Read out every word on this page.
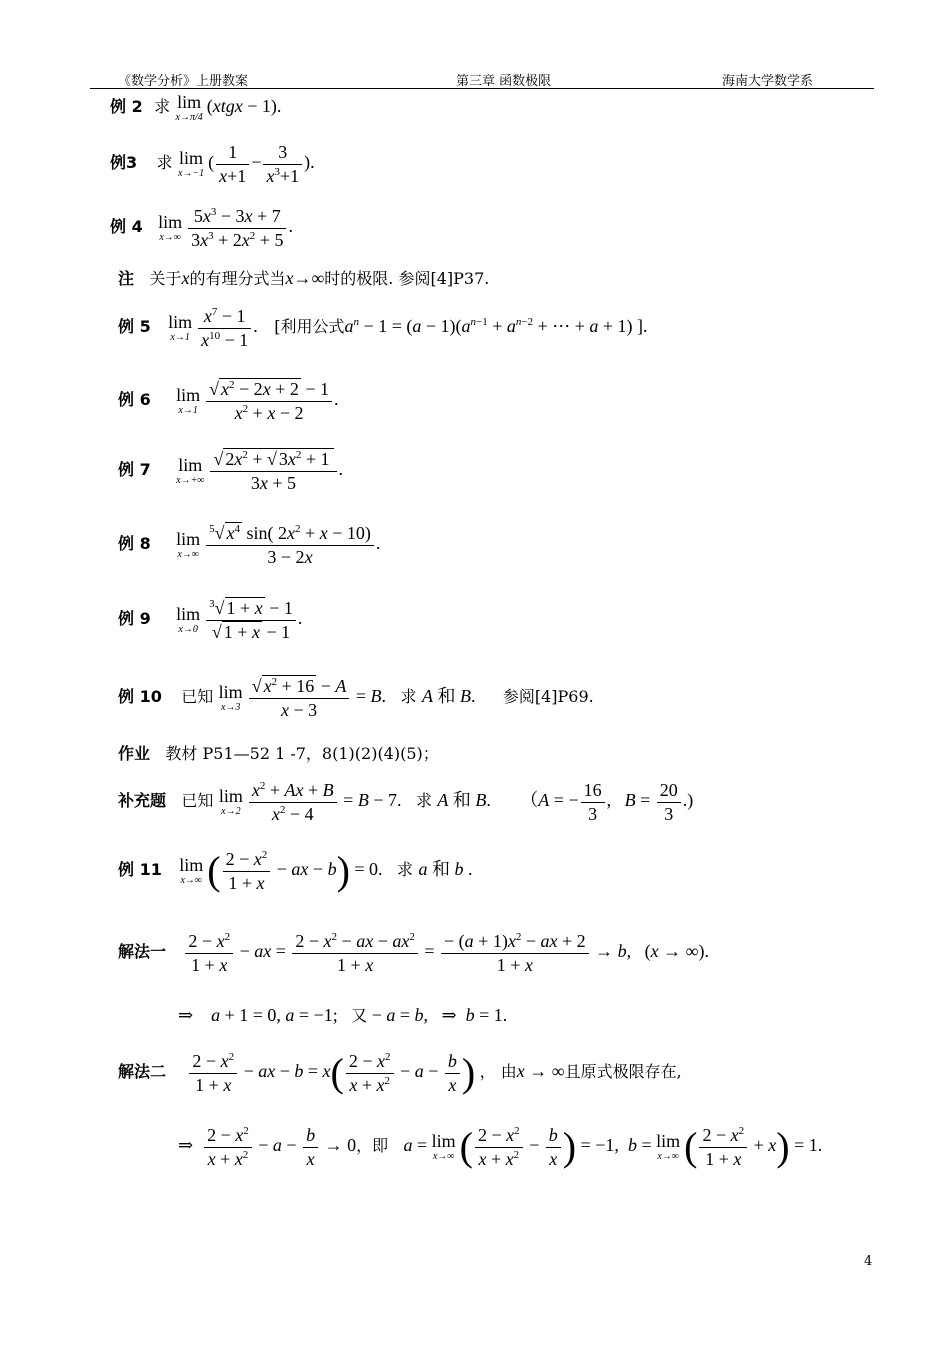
《数学分析》上册教案	第三章 函数极限	海南大学数学系
例 2 求 lim
x→π/4
(xtgx − 1).
例3 求 lim
x→−1
( $\frac{1}{x+1} - \frac{3}{x^3+1}$ ).
例 4 lim
$x\to\infty \frac{5x^3 - 3x + 7}{3x^3 + 2x^2 + 5}$ .
注 关于x的有理分式当x→∞时的极限. 参阅[4]P37.
例 5 lim
$x\to 1 \frac{x^7 - 1}{x^{10} - 1}$ . [利用公式$a^n - 1 = (a - 1)(a^{n-1} + a^{n-2}$ + ⋯ + a + 1) ].
例 6 lim
$x\to 1 \frac{√ x^2 - 2x + 2 - 1}{x^2 + x - 2}$ .
例 7 lim
$x\to+\infty \frac{√ 2x^2 + √ 3x^2 + 1}{3x + 5}$ .
例 8 lim
$x\to\infty \frac{^5√ x^4 \sin( 2x^2 + x - 10)}{3 - 2x}$ .
例 9 lim
$x\to 0 \frac{^3√ 1 + x - 1}{√ 1 + x - 1}$ .
例 10 已知 lim
$x\to 3 \frac{√ x^2 + 16 - A}{x - 3} = B$. 求 A 和 B. 参阅[4]P69.
作业 教材 P51—52 1 -7，8(1)(2)(4)(5)；
补充题 已知 lim
$x\to 2 \frac{x^2 + Ax + B}{x^2 - 4} = B - 7$. 求 A 和 B. （A = − $\frac{16}{3}$ ,   $B = \frac{20}{3}$ .)
例 11 lim
x→∞ ( $\frac{2 - x^2}{1 + x}$ − ax − b) = 0. 求 a 和 b .
解法一 $\frac{2 - x^2}{1 + x}$ − ax = $\frac{2 - x^2 - ax - ax^2}{1 + x} = \frac{- (a + 1)x^2 - ax + 2}{1 + x} \to b$,   (x → ∞).
⇒    a + 1 = 0, a = −1;   又 − a = b,   ⇒  b = 1.
解法二 $\frac{2 - x^2}{1 + x}$ − ax − $b = x( \frac{2 - x^2}{x + x^2} - a - \frac{b}{x}$ ) ， 由x → ∞且原式极限存在,
⇒ $\frac{2 - x^2}{x + x^2} - a - \frac{b}{x} \to 0$，即 a = lim
x→∞ ( $\frac{2 - x^2}{x + x^2} - \frac{b}{x}$ ) = −1,  b = lim
x→∞ ( $\frac{2 - x^2}{1 + x} + x) = 1$.
4
